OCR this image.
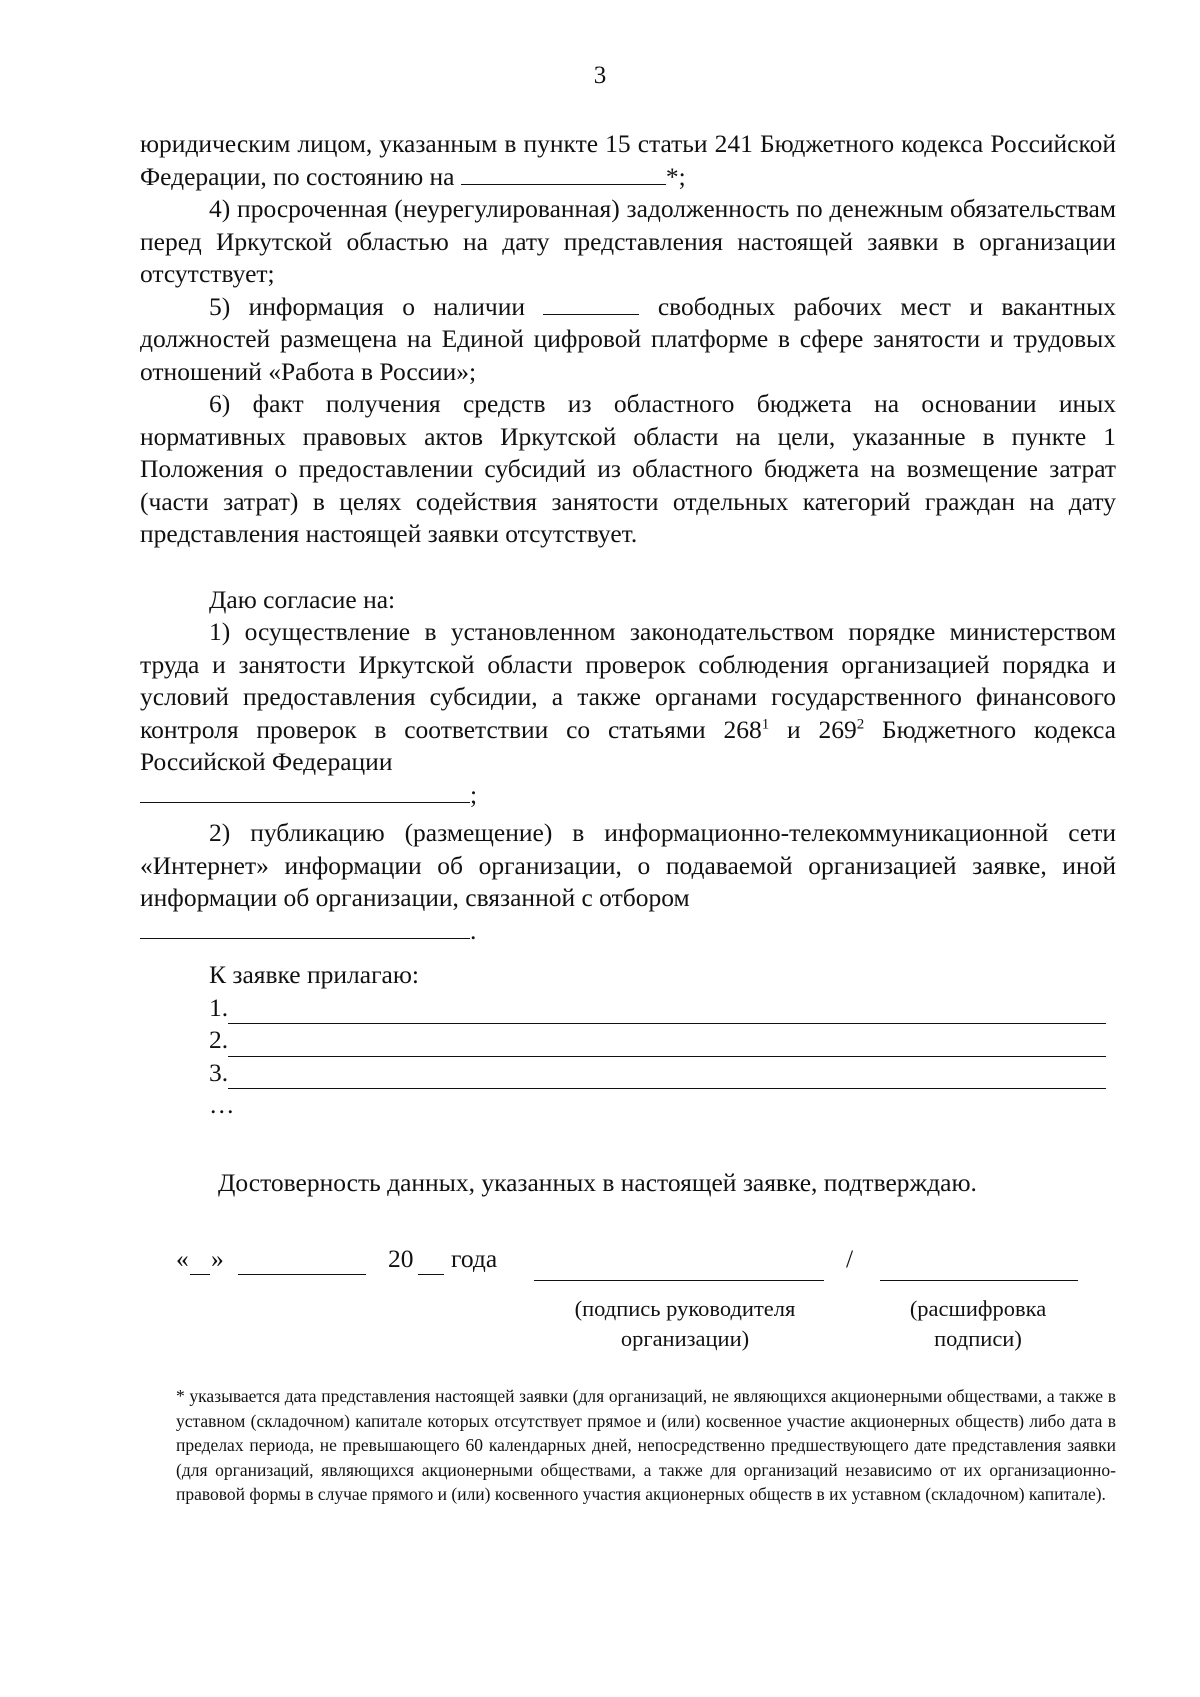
3

юридическим лицом, указанным в пункте 15 статьи 241 Бюджетного кодекса Российской Федерации, по состоянию на	*;

4) просроченная (неурегулированная) задолженность по денежным обязательствам перед Иркутской областью на дату представления настоящей заявки в организации отсутствует;

5) информация о наличии	свободных рабочих мест и вакантных должностей размещена на Единой цифровой платформе в сфере занятости и трудовых отношений «Работа в России»;

6) факт получения средств из областного бюджета на основании иных нормативных правовых актов Иркутской области на цели, указанные в пункте 1 Положения о предоставлении субсидий из областного бюджета на возмещение затрат (части затрат) в целях содействия занятости отдельных категорий граждан на дату представления настоящей заявки отсутствует.

Даю согласие на:

1) осуществление в установленном законодательством порядке министерством труда и занятости Иркутской области проверок соблюдения организацией порядка и условий предоставления субсидии, а также органами государственного финансового контроля проверок в соответствии со статьями $268^1$ и $269^2$ Бюджетного кодекса Российской Федерации

;

2) публикацию (размещение) в информационно-телекоммуникационной сети «Интернет» информации об организации, о подаваемой организацией заявке, иной информации об организации, связанной с отбором

.

К заявке прилагаю:

1.
2.
3.
…
Достоверность данных, указанных в настоящей заявке, подтверждаю.
« »	20 года	/
(подпись руководителя
организации)
(расшифровка
подписи)
* указывается дата представления настоящей заявки (для организаций, не являющихся акционерными обществами, а также в уставном (складочном) капитале которых отсутствует прямое и (или) косвенное участие акционерных обществ) либо дата в пределах периода, не превышающего 60 календарных дней, непосредственно предшествующего дате представления заявки (для организаций, являющихся акционерными обществами, а также для организаций независимо от их организационно-правовой формы в случае прямого и (или) косвенного участия акционерных обществ в их уставном (складочном) капитале).
